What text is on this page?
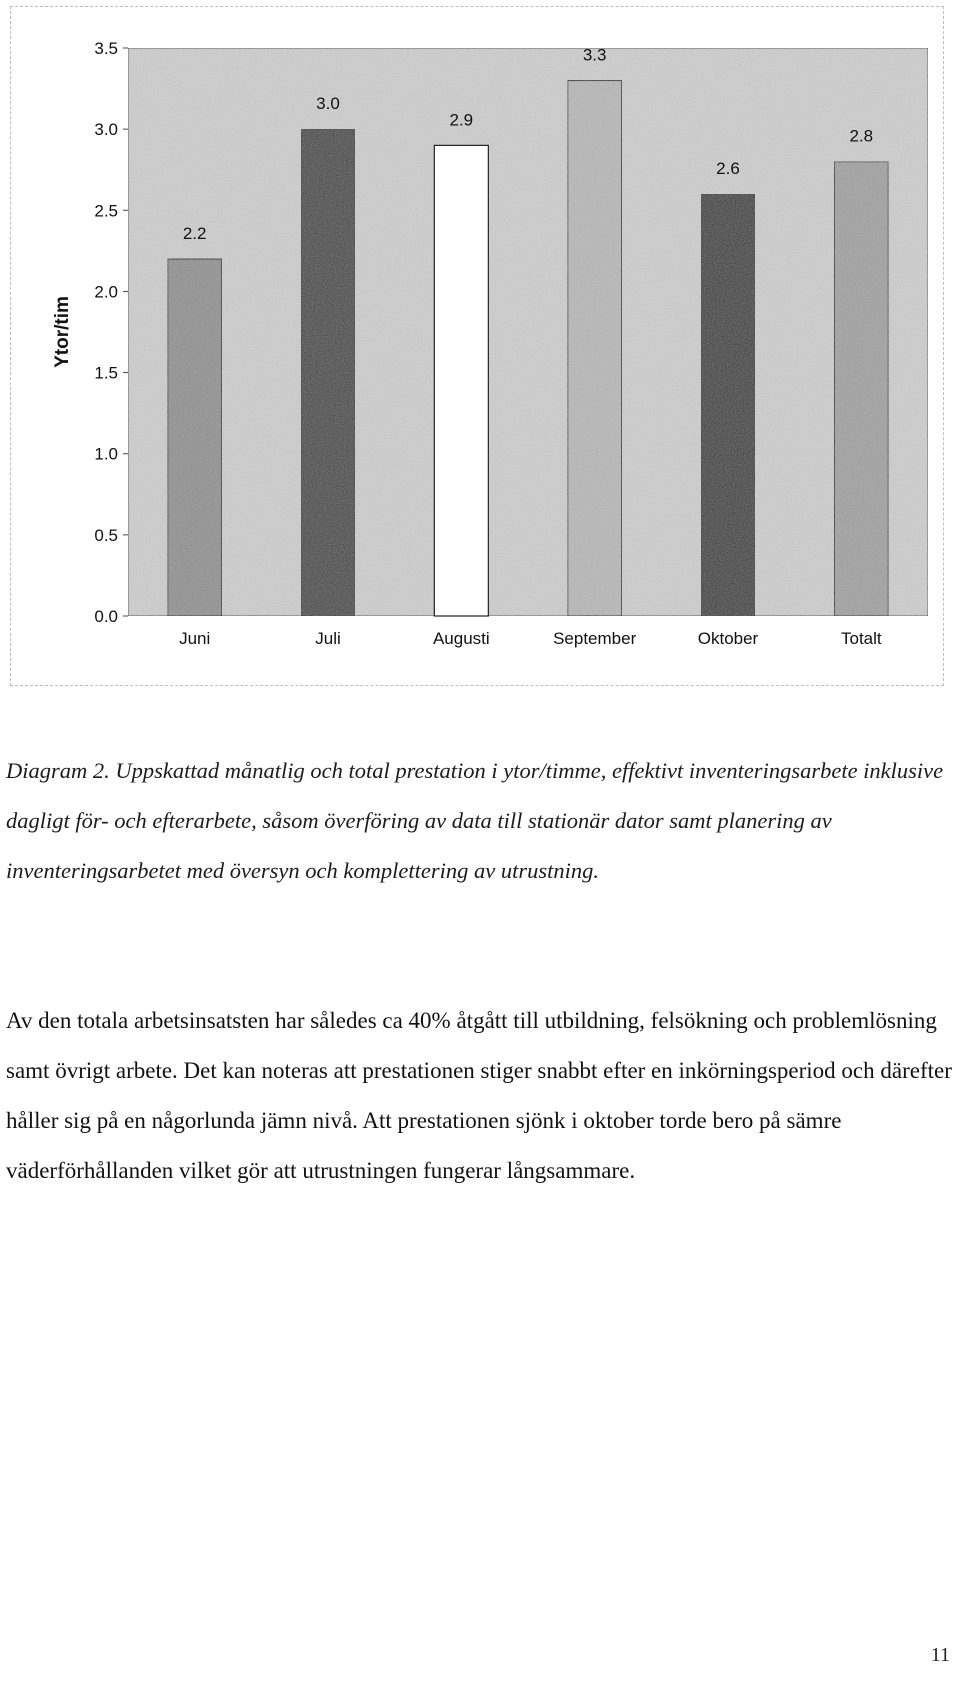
0.0
0.5
1.0
1.5
2.0
2.5
3.0
3.5
2.2
3.0
2.9
3.3
2.6
2.8
Juni	Juli	Augusti	September	Oktober	Totalt
Ytor/tim

Diagram 2. Uppskattad månatlig och total prestation i ytor/timme, effektivt inventeringsarbete inklusive dagligt för- och efterarbete, såsom överföring av data till stationär dator samt planering av inventeringsarbetet med översyn och komplettering av utrustning.

Av den totala arbetsinsatsten har således ca 40% åtgått till utbildning, felsökning och problemlösning samt övrigt arbete. Det kan noteras att prestationen stiger snabbt efter en inkörningsperiod och därefter håller sig på en någorlunda jämn nivå. Att prestationen sjönk i oktober torde bero på sämre väderförhållanden vilket gör att utrustningen fungerar långsammare.

11
